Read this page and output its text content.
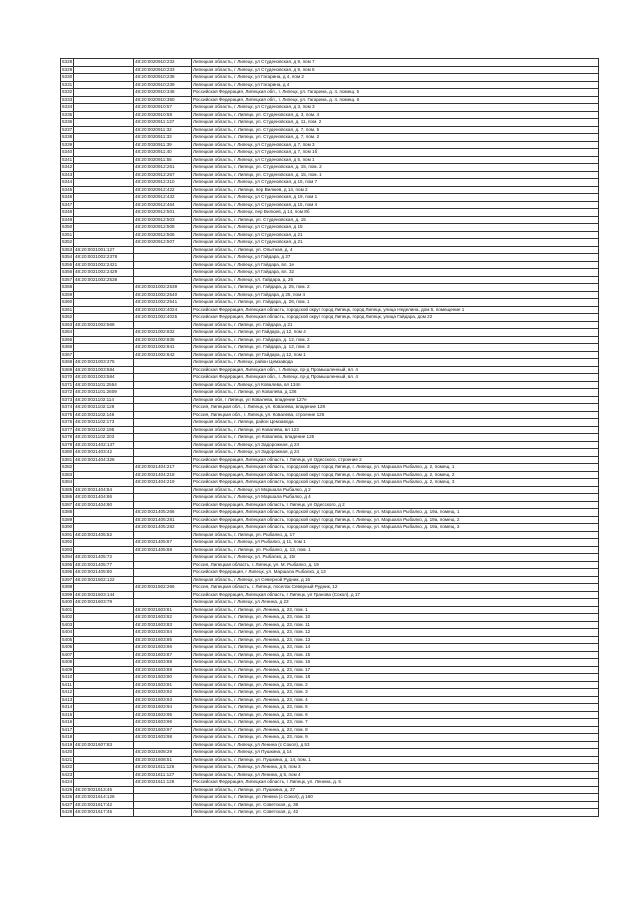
5328		48:20:0020910:232	Липецкая область, г Липецк, ул Студеновская, д 9, пом 7
5329		48:20:0020910:233	Липецкая область, г Липецк, ул Студеновская, д 9, пом 8
5330		48:20:0020910:238	Липецкая область, г Липецк, ул Гагарина, д 4, пом 2
5331		48:20:0020910:239	Липецкая область, г Липецк, ул Гагарина, д 4
5332		48:20:0020910:348	Российская Федерация, Липецкая обл., г. Липецк, ул. Гагарина, д. 4, помещ. 5
5333		48:20:0020910:350	Российская Федерация, Липецкая обл., г. Липецк, ул. Гагарина, д. 4, помещ. 6
5334		48:20:0020910:57	Липецкая область, г Липецк, ул Студеновская, д 3, пом 3
5335		48:20:0020910:58	Липецкая область, г. Липецк, ул. Студеновская, д. 3, пом. 4
5336		48:20:0020911:137	Липецкая область, г. Липецк, ул. Студеновская, д. 11, пом. 2
5337		48:20:0020911:32	Липецкая область, г. Липецк, ул. Студеновская, д. 7, пом. 5
5338		48:20:0020911:33	Липецкая область, г. Липецк, ул. Студеновская, д. 7, пом. 2
5339		48:20:0020911:39	Липецкая область, г Липецк, ул Студеновская, д 7, пом 3
5340		48:20:0020911:40	Липецкая область, г Липецк, ул Студеновская, д 7, пом 1б
5341		48:20:0020911:55	Липецкая область, г Липецк, ул Студеновская, д 5, пом 1
5342		48:20:0020912:261	Липецкая область, г. Липецк, ул. Студеновская, д. 15, пом. 2
5343		48:20:0020912:267	Липецкая область, г. Липецк, ул. Студеновская, д. 15, пом. 1
5344		48:20:0020912:310	Липецкая область, г Липецк, ул Студеновская, д 15, пом 7
5345		48:20:0020912:422	Липецкая область, г. Липецк, пер Вилюев, д 14, пом 2
5346		48:20:0020912:432	Липецкая область, г Липецк, ул Студеновская, д 19, пом 1
5347		48:20:0020912:464	Липецкая область, г Липецк, ул Студеновская, д 15, пом 4
5348		48:20:0020912:501	Липецкая область, г Липецк, пер Вилюев, д 14, пом 8б
5349		48:20:0020912:503	Липецкая область, г. Липецк, ул. Студеновская, д. 15
5350		48:20:0020912:508	Липецкая область, г Липецк, ул Студеновская, д 15
5351		48:20:0020912:506	Липецкая область, г Липецк, ул Студеновская, д 21
5352		48:20:0020912:507	Липецкая область, г Липецк, ул Студеновская, д 21
5353	48:20:0021001:127		Липецкая область, г. Липецк, ул. Опытная, д. 4
5354	48:20:0021002:2378		Липецкая область, г Липецк, ул Гайдара, д 27
5355	48:20:0021002:2421		Липецкая область, г Липецк, ул Гайдара, вл. 1е
5356	48:20:0021002:2429		Липецкая область, г Липецк, ул Гайдара, вл. 32
5357	48:20:0021002:2538		Липецкая область, г Липецк, ул. Гайдара, д. 26
5358		48:20:0021002:2539	Липецкая область, г. Липецк, ул. Гайдара, д. 25, пом. 2
5359		48:20:0021002:2540	Липецкая область, г Липецк, ул Гайдара, д 25, пом 4
5360		48:20:0021002:2541	Липецкая область, г. Липецк, ул. Гайдара, д. 26, пом. 1
5361		48:20:0021002:4024	Российская Федерация, Липецкая область, городской округ город Липецк, город Липецк, улица Неделина, дом 5, помещение 1
5362		48:20:0021002:4025	Российская Федерация, Липецкая область, городской округ город Липецк, город Липецк, улица Гайдара, дом 22
5363	48:20:0021002:568		Липецкая область, г. Липецк, ул. Гайдара, д 21
5364		48:20:0021002:832	Липецкая область, г. Липецк, ул Гайдара, д 12, пом 4
5365		48:20:0021002:835	Липецкая область, г. Липецк, ул. Гайдара, д. 12, пом. 2
5366		48:20:0021002:841	Липецкая область, г. Липецк, ул. Гайдара, д. 12, пом. 3
5367		48:20:0021002:842	Липецкая область, г. Липецк, ул Гайдара, д 12, пом 1
5368	48:20:0021003:375		Липецкая область, г Липецк, район Цемзавода
5369	48:20:0021003:584		Российская Федерация, Липецкая обл., г. Липецк, пр-д Промышленный, вл. 4
5370	48:20:0021003:584		Российская Федерация, Липецкая обл., г. Липецк, пр-д Промышленный, вл. 4
5371	48:20:0021101:2554		Липецкая область, г Липецк, ул Ковалева, вл 134п
5372	48:20:0021101:2609		Липецкая область, г. Липецк, ул Ковалева, д 136
5373	48:20:0021102:114		Липецкая обл, г Липецк, ул Ковалева, владение 127е
5374	48:20:0021102:128		Россия, Липецкая обл., г. Липецк, ул. Ковалева, владение 128
5375	48:20:0021102:146		Россия, Липецкая обл., г. Липецк, ул. Ковалева, строение 126
5376	48:20:0021102:173		Липецкая область, г. Липецк, район Цемзавода
5377	48:20:0021102:195		Липецкая область, г. Липецк, ул Ковалева, вл 123
5378	48:20:0021102:203		Липецкая область, г. Липецк, ул Ковалева, владение 125
5379	48:20:0021402:137		Липецкая область, г Липецк, ул Задорожная, д 24
5380	48:20:0021403:42		Липецкая область, г Липецк, ул Задорожная, д 24
5381	48:20:0021404:326		Российская Федерация, Липецкая область, г Липецк, ул Одесского, строение 2
5382		48:20:0021404:217	Российская Федерация, Липецкая область, городской округ город Липецк, г. Липецк, ул. Маршала Рыбалко, д. 2, помещ. 1
5383		48:20:0021404:218	Российская Федерация, Липецкая область, городской округ город Липецк, г. Липецк, ул. Маршала Рыбалко, д. 2, помещ. 2
5384		48:20:0021404:219	Российская Федерация, Липецкая область, городской округ город Липецк, г. Липецк, ул. Маршала Рыбалко, д. 2, помещ. 3
5385	48:20:0021404:84		Липецкая область, г Липецк, ул Маршала Рыбалко, д 2
5386	48:20:0021404:86		Липецкая область, г Липецк, ул Маршала Рыбалко, д 4
5387	48:20:0021404:90		Российская Федерация, Липецкая область, г Липецк, ул Одесского, д 2
5388		48:20:0021405:266	Российская Федерация, Липецкая область, городской округ город Липецк, г. Липецк, ул. Маршала Рыбалко, д. 19а, помещ. 1
5389		48:20:0021405:281	Российская Федерация, Липецкая область, городской округ город Липецк, г. Липецк, ул. Маршала Рыбалко, д. 19а, помещ. 2
5390		48:20:0021405:282	Российская Федерация, Липецкая область, городской округ город Липецк, г. Липецк, ул. Маршала Рыбалко, д. 19а, помещ. 3
5391	48:20:0021405:52		Липецкая область, г. Липецк, ул. Рыбалко, д. 17
5392		48:20:0021405:67	Липецкая область, г Липецк, ул Рыбалко, д 11, пом 1
5393		48:20:0021405:68	Липецкая область, г. Липецк, ул. Рыбалко, д. 13, пом. 1
5394	48:20:0021405:72		Липецкая область, г Липецк, ул. Рыбалко, д. 15г
5395	48:20:0021405:77		Россия, Липецкая область, г. Липецк, ул. М. Рыбалко, д. 19
5396	48:20:0021405:80		Российская Федерация, г Липецк, ул. Маршала Рыбалко, д 13
5397	48:20:0021502:122		Липецкая область, г Липецк, ул Северной Рудник, д 16
5398		48:20:0021502:266	Россия, Липецкая область, г. Липецк, поселок Северный Рудник, 12
5399	48:20:0021603:144		Российская Федерация, Липецкая область, г Липецк, ул Гранова (Сокол), д 17
5400	48:20:0021603:79		Липецкая область, г Липецк, ул Ленина, д 23
5401		48:20:0021603:81	Липецкая область, г. Липецк, ул. Ленина, д. 23, пом. 1
5402		48:20:0021603:82	Липецкая область, г. Липецк, ул. Ленина, д. 23, пом. 10
5403		48:20:0021603:83	Липецкая область, г. Липецк, ул. Ленина, д. 23, пом. 11
5404		48:20:0021603:84	Липецкая область, г. Липецк, ул. Ленина, д. 23, пом. 12
5405		48:20:0021603:85	Липецкая область, г. Липецк, ул. Ленина, д. 23, пом. 13
5406		48:20:0021603:86	Липецкая область, г. Липецк, ул. Ленина, д. 23, пом. 14
5407		48:20:0021603:87	Липецкая область, г. Липецк, ул. Ленина, д. 23, пом. 15
5408		48:20:0021603:88	Липецкая область, г. Липецк, ул. Ленина, д. 23, пом. 16
5409		48:20:0021603:89	Липецкая область, г. Липецк, ул. Ленина, д. 23, пом. 17
5410		48:20:0021603:90	Липецкая область, г. Липецк, ул. Ленина, д. 23, пом. 18
5411		48:20:0021603:91	Липецкая область, г. Липецк, ул. Ленина, д. 23, пом. 2
5412		48:20:0021603:92	Липецкая область, г. Липецк, ул. Ленина, д. 23, пом. 3
5413		48:20:0021603:93	Липецкая область, г. Липецк, ул. Ленина, д. 23, пом. 4
5414		48:20:0021603:94	Липецкая область, г. Липецк, ул. Ленина, д. 23, пом. 5
5415		48:20:0021603:95	Липецкая область, г. Липецк, ул. Ленина, д. 23, пом. 6
5416		48:20:0021603:96	Липецкая область, г. Липецк, ул. Ленина, д. 23, пом. 7
5417		48:20:0021603:97	Липецкая область, г. Липецк, ул. Ленина, д. 23, пом. 8
5418		48:20:0021603:98	Липецкая область, г. Липецк, ул. Ленина, д. 23, пом. 9
5419	48:20:0021607:83		Липецкая область, г Липецк, ул Ленина (с Сокол), д 53
5420		48:20:0021608:29	Липецкая область, г Липецк, ул Пушкина, д 14
5421		48:20:0021608:51	Липецкая область, г. Липецк, ул. Пушкина, д. 14, пом. 1
5422		48:20:0021611:126	Липецкая область, г Липецк, ул Ленина, д 5, пом 3
5423		48:20:0021611:127	Липецкая область, г Липецк, ул Ленина, д 5, пом 4
5424		48:20:0021611:128	Российская Федерация, Липецкая область, г Липецк, ул. Ленина, д. 5
5425	48:20:0021613:45		Липецкая область, г. Липецк, ул. Пушкина, д. 37
5426	48:20:0021614:126		Липецкая область, г. Липецк, ул Ленина (с Сокол), д 160
5427	48:20:0021617:42		Липецкая область, г. Липецк, ул. Советская, д. 36
5428	48:20:0021617:45		Липецкая область, г. Липецк, ул. Советская, д. 42
